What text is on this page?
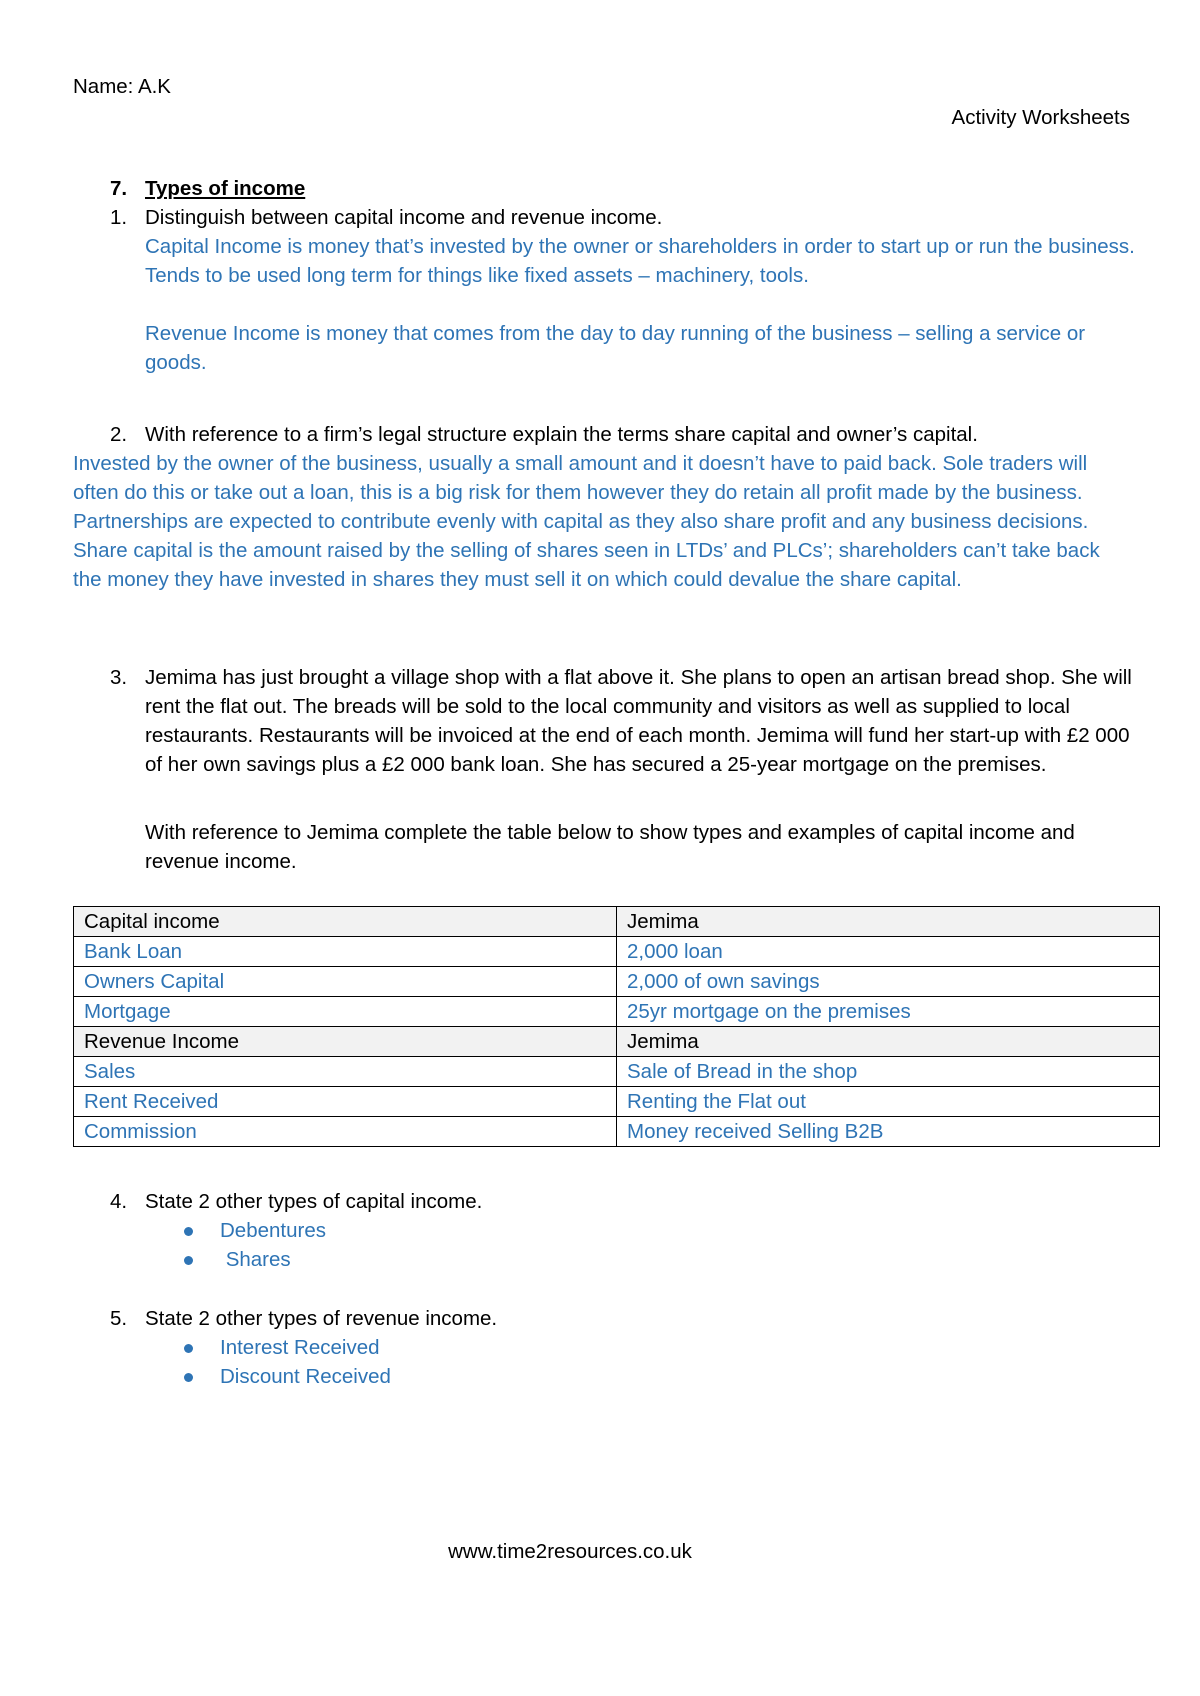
Name: A.K
Activity Worksheets
7. Types of income
1. Distinguish between capital income and revenue income.

Capital Income is money that’s invested by the owner or shareholders in order to start up or run the business. Tends to be used long term for things like fixed assets – machinery, tools.

Revenue Income is money that comes from the day to day running of the business – selling a service or goods.

2. With reference to a firm’s legal structure explain the terms share capital and owner’s capital.

Invested by the owner of the business, usually a small amount and it doesn’t have to paid back. Sole traders will often do this or take out a loan, this is a big risk for them however they do retain all profit made by the business. Partnerships are expected to contribute evenly with capital as they also share profit and any business decisions. Share capital is the amount raised by the selling of shares seen in LTDs’ and PLCs’; shareholders can’t take back the money they have invested in shares they must sell it on which could devalue the share capital.

3. Jemima has just brought a village shop with a flat above it. She plans to open an artisan bread shop. She will rent the flat out. The breads will be sold to the local community and visitors as well as supplied to local restaurants. Restaurants will be invoiced at the end of each month. Jemima will fund her start-up with £2 000 of her own savings plus a £2 000 bank loan. She has secured a 25-year mortgage on the premises.

With reference to Jemima complete the table below to show types and examples of capital income and revenue income.

Capital income	Jemima
Bank Loan	2,000 loan
Owners Capital	2,000 of own savings
Mortgage	25yr mortgage on the premises
Revenue Income	Jemima
Sales	Sale of Bread in the shop
Rent Received	Renting the Flat out
Commission	Money received Selling B2B
4. State 2 other types of capital income.

Debentures
Shares
5. State 2 other types of revenue income.

Interest Received
Discount Received
www.time2resources.co.uk
